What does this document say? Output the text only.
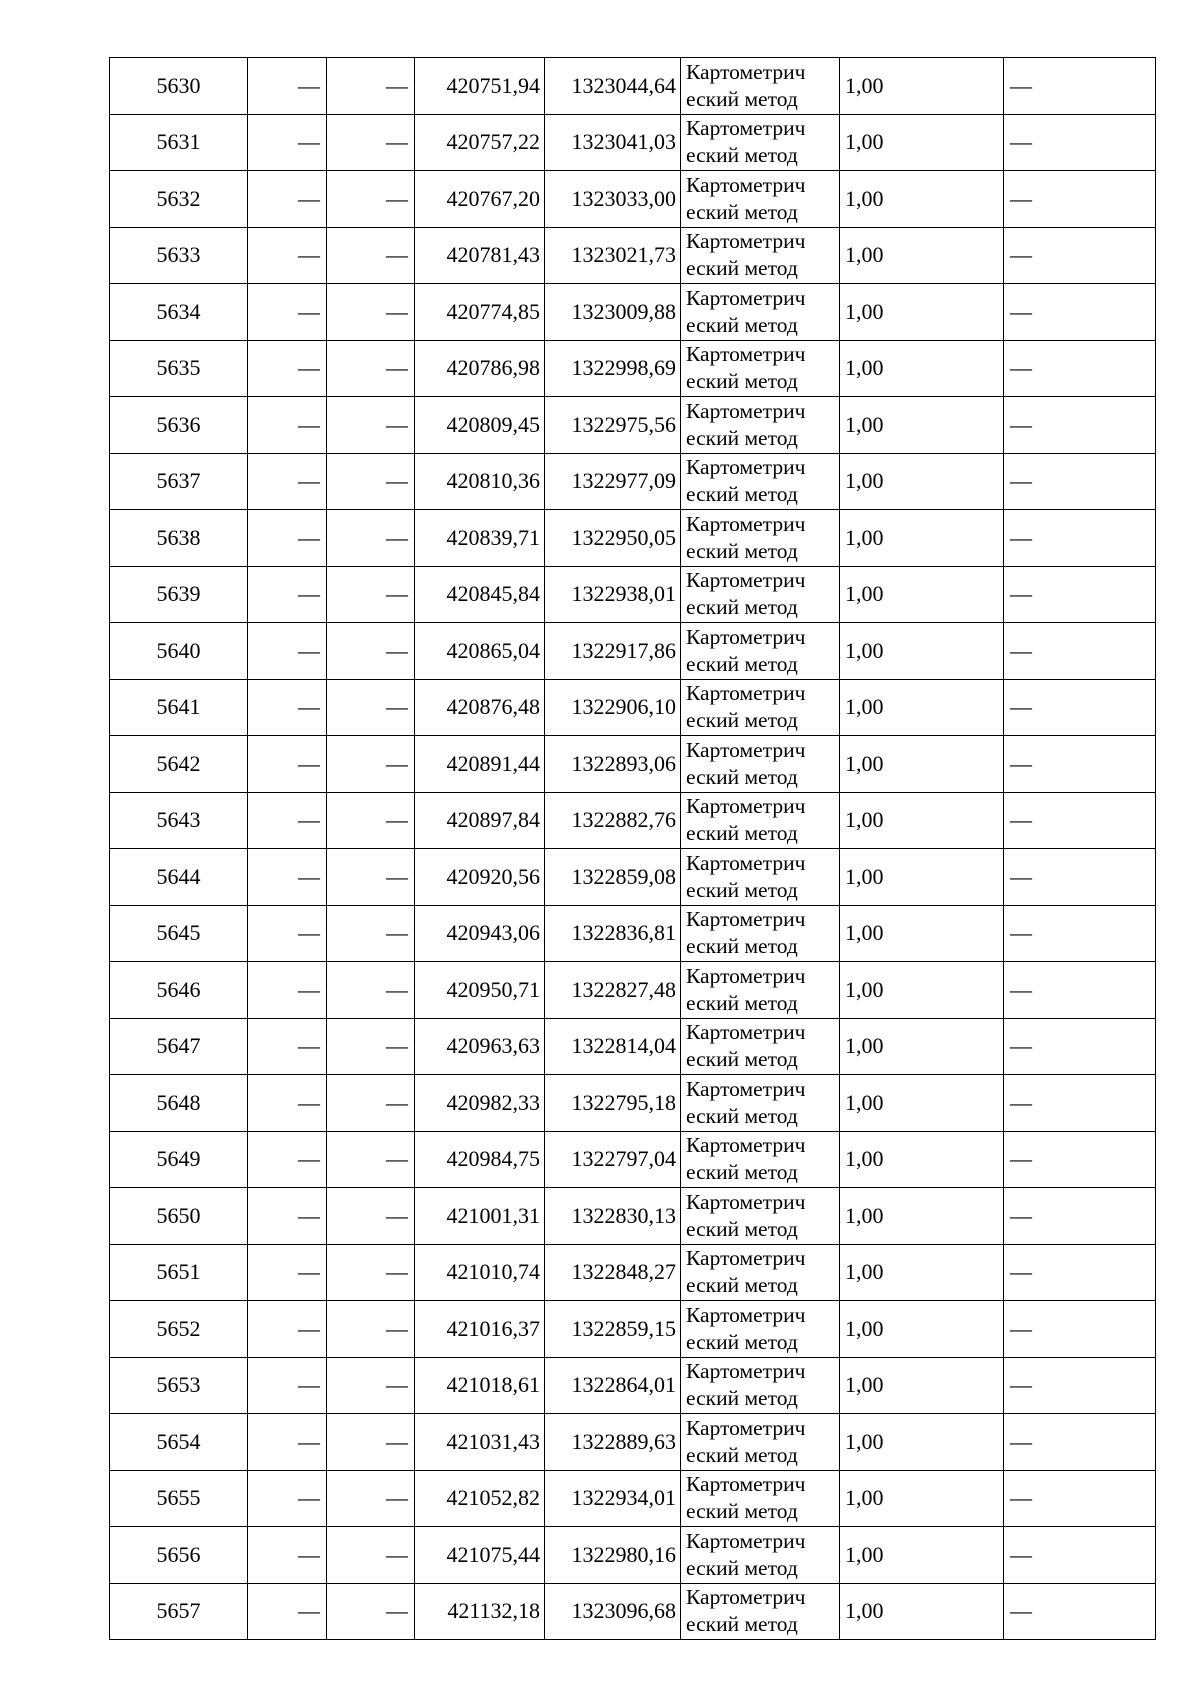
5630	—	—	420751,94	1323044,64	Картометрич
еский метод	1,00	—
5631	—	—	420757,22	1323041,03	Картометрич
еский метод	1,00	—
5632	—	—	420767,20	1323033,00	Картометрич
еский метод	1,00	—
5633	—	—	420781,43	1323021,73	Картометрич
еский метод	1,00	—
5634	—	—	420774,85	1323009,88	Картометрич
еский метод	1,00	—
5635	—	—	420786,98	1322998,69	Картометрич
еский метод	1,00	—
5636	—	—	420809,45	1322975,56	Картометрич
еский метод	1,00	—
5637	—	—	420810,36	1322977,09	Картометрич
еский метод	1,00	—
5638	—	—	420839,71	1322950,05	Картометрич
еский метод	1,00	—
5639	—	—	420845,84	1322938,01	Картометрич
еский метод	1,00	—
5640	—	—	420865,04	1322917,86	Картометрич
еский метод	1,00	—
5641	—	—	420876,48	1322906,10	Картометрич
еский метод	1,00	—
5642	—	—	420891,44	1322893,06	Картометрич
еский метод	1,00	—
5643	—	—	420897,84	1322882,76	Картометрич
еский метод	1,00	—
5644	—	—	420920,56	1322859,08	Картометрич
еский метод	1,00	—
5645	—	—	420943,06	1322836,81	Картометрич
еский метод	1,00	—
5646	—	—	420950,71	1322827,48	Картометрич
еский метод	1,00	—
5647	—	—	420963,63	1322814,04	Картометрич
еский метод	1,00	—
5648	—	—	420982,33	1322795,18	Картометрич
еский метод	1,00	—
5649	—	—	420984,75	1322797,04	Картометрич
еский метод	1,00	—
5650	—	—	421001,31	1322830,13	Картометрич
еский метод	1,00	—
5651	—	—	421010,74	1322848,27	Картометрич
еский метод	1,00	—
5652	—	—	421016,37	1322859,15	Картометрич
еский метод	1,00	—
5653	—	—	421018,61	1322864,01	Картометрич
еский метод	1,00	—
5654	—	—	421031,43	1322889,63	Картометрич
еский метод	1,00	—
5655	—	—	421052,82	1322934,01	Картометрич
еский метод	1,00	—
5656	—	—	421075,44	1322980,16	Картометрич
еский метод	1,00	—
5657	—	—	421132,18	1323096,68	Картометрич
еский метод	1,00	—
